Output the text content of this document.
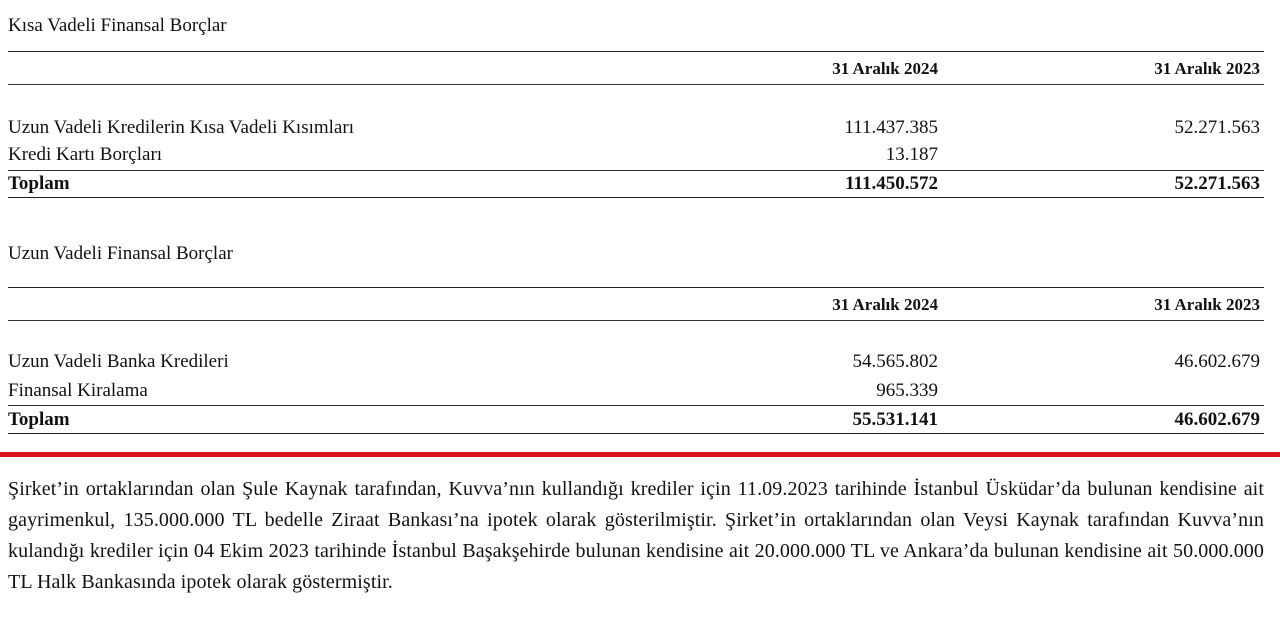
Kısa Vadeli Finansal Borçlar
31 Aralık 2024	31 Aralık 2023
Uzun Vadeli Kredilerin Kısa Vadeli Kısımları	111.437.385	52.271.563
Kredi Kartı Borçları	13.187
Toplam	111.450.572	52.271.563
Uzun Vadeli Finansal Borçlar
31 Aralık 2024	31 Aralık 2023
Uzun Vadeli Banka Kredileri	54.565.802	46.602.679
Finansal Kiralama	965.339
Toplam	55.531.141	46.602.679
Şirket’in ortaklarından olan Şule Kaynak tarafından, Kuvva’nın kullandığı krediler için 11.09.2023 tarihinde İstanbul Üsküdar’da bulunan kendisine ait gayrimenkul, 135.000.000 TL bedelle Ziraat Bankası’na ipotek olarak gösterilmiştir. Şirket’in ortaklarından olan Veysi Kaynak tarafından Kuvva’nın kulandığı krediler için 04 Ekim 2023 tarihinde İstanbul Başakşehirde bulunan kendisine ait 20.000.000 TL ve Ankara’da bulunan kendisine ait 50.000.000 TL Halk Bankasında ipotek olarak göstermiştir.
